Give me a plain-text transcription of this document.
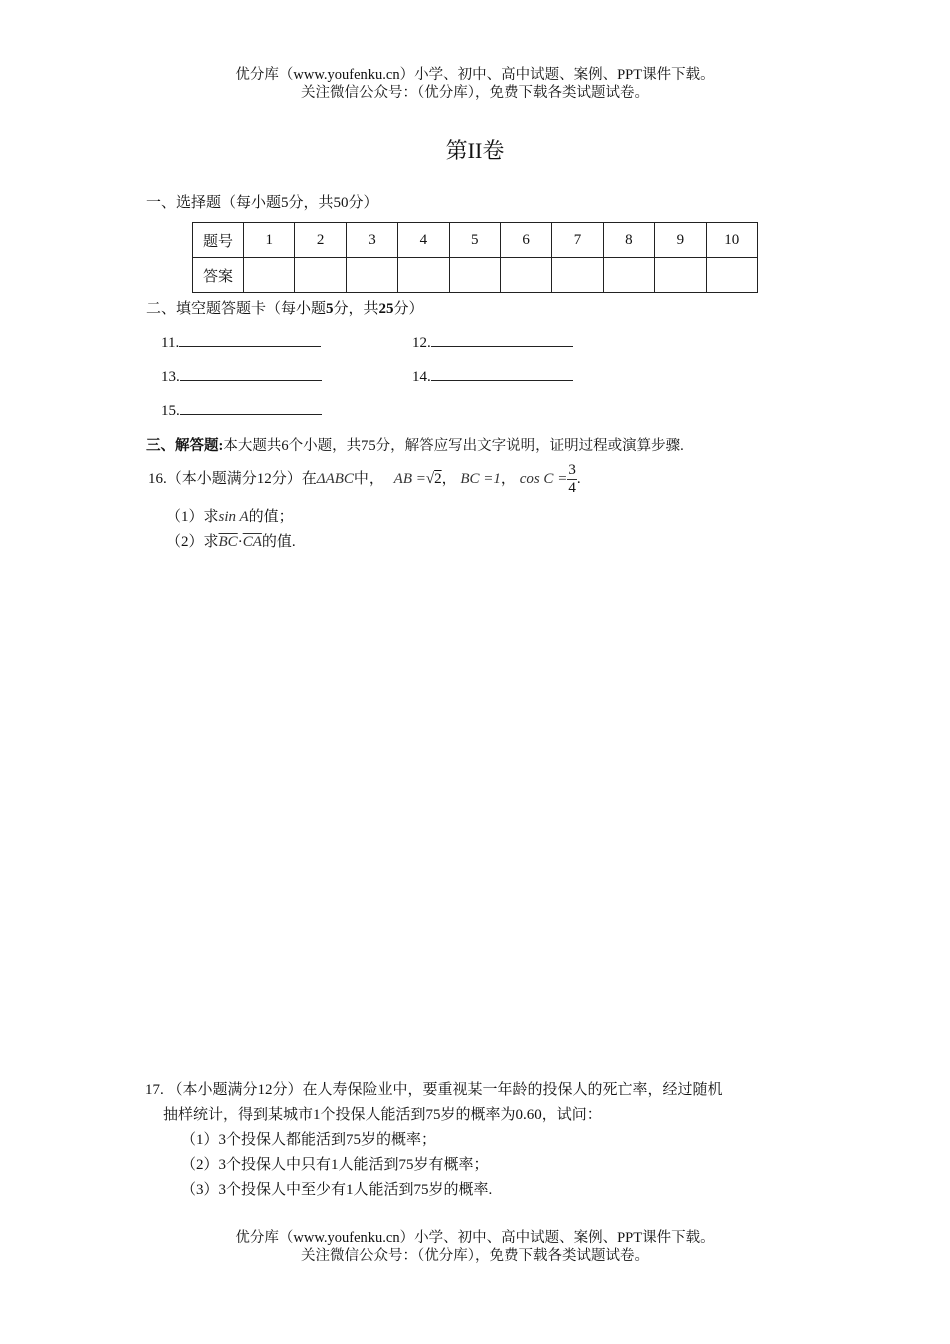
优分库（www.youfenku.cn）小学、初中、高中试题、案例、PPT课件下载。
关注微信公众号：（优分库），免费下载各类试题试卷。
第II卷
一、选择题（每小题5分，共50分）
题号	1	2	3	4	5	6	7	8	9	10
答案										
二、填空题答题卡（每小题5分，共25分）
11.	12.
13.	14.
15.
三、解答题:本大题共6个小题，共75分，解答应写出文字说明，证明过程或演算步骤.
16.（本小题满分12分）在ΔABC中， AB =√2， BC =1， $\cos C = \frac{3}{4}$ .
（1）求sin A的值；
（2）求$\overline{BC}\cdot\overline{CA}$的值.
17. （本小题满分12分）在人寿保险业中，要重视某一年龄的投保人的死亡率，经过随机
抽样统计，得到某城市1个投保人能活到75岁的概率为0.60，试问：
（1）3个投保人都能活到75岁的概率；
（2）3个投保人中只有1人能活到75岁有概率；
（3）3个投保人中至少有1人能活到75岁的概率.
优分库（www.youfenku.cn）小学、初中、高中试题、案例、PPT课件下载。
关注微信公众号：（优分库），免费下载各类试题试卷。
